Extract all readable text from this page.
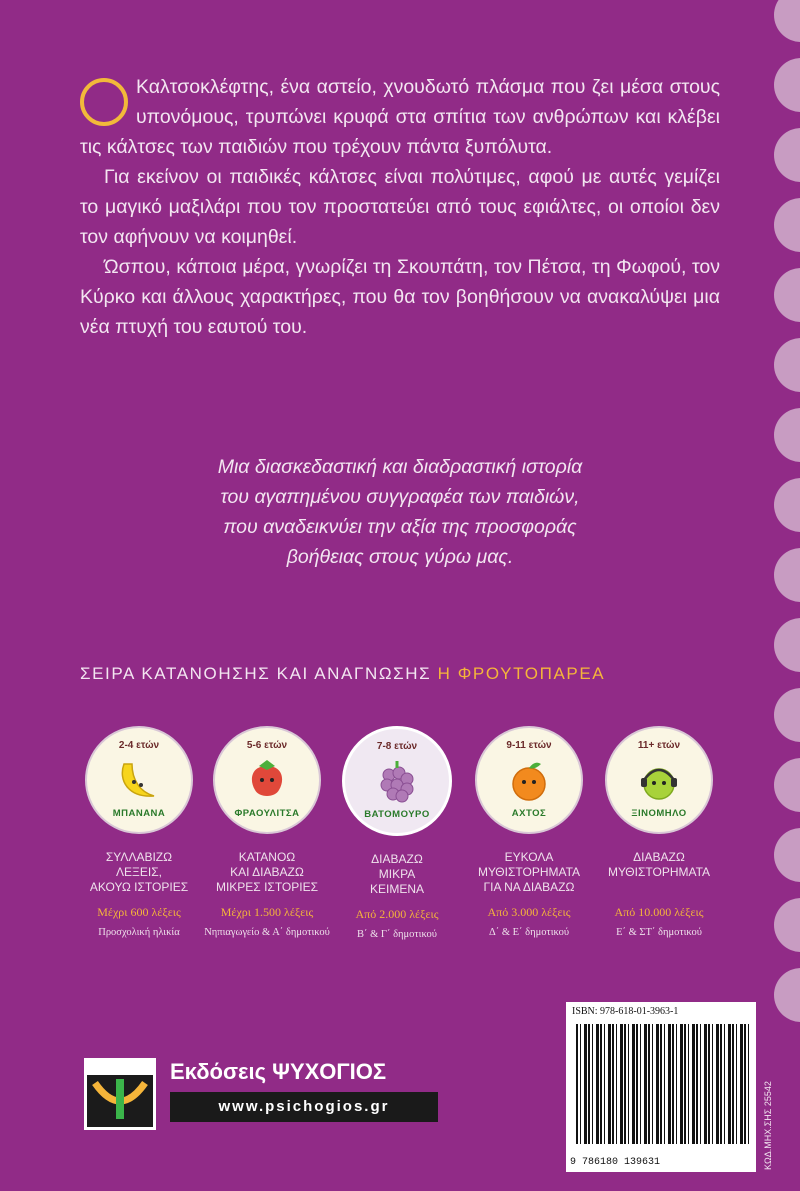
Καλτσοκλέφτης, ένα αστείο, χνουδωτό πλάσμα που ζει μέσα στους υπονόμους, τρυπώνει κρυφά στα σπίτια των ανθρώπων και κλέβει τις κάλτσες των παιδιών που τρέχουν πάντα ξυπόλυτα.

Για εκείνον οι παιδικές κάλτσες είναι πολύτιμες, αφού με αυτές γεμίζει το μαγικό μαξιλάρι που τον προστατεύει από τους εφιάλτες, οι οποίοι δεν τον αφήνουν να κοιμηθεί.

Ώσπου, κάποια μέρα, γνωρίζει τη Σκουπάτη, τον Πέτσα, τη Φωφού, τον Κύρκο και άλλους χαρακτήρες, που θα τον βοηθήσουν να ανακαλύψει μια νέα πτυχή του εαυτού του.

Μια διασκεδαστική και διαδραστική ιστορία
του αγαπημένου συγγραφέα των παιδιών,
που αναδεικνύει την αξία της προσφοράς
βοήθειας στους γύρω μας.
ΣΕΙΡΑ ΚΑΤΑΝΟΗΣΗΣ ΚΑΙ ΑΝΑΓΝΩΣΗΣ Η ΦΡΟΥΤΟΠΑΡΕΑ
2-4 ετών
ΜΠΑΝΑΝΑ
ΣΥΛΛΑΒΙΖΩ
ΛΕΞΕΙΣ,
ΑΚΟΥΩ ΙΣΤΟΡΙΕΣ
Μέχρι 600 λέξεις
Προσχολική ηλικία
5-6 ετών
ΦΡΑΟΥΛΙΤΣΑ
ΚΑΤΑΝΟΩ
ΚΑΙ ΔΙΑΒΑΖΩ
ΜΙΚΡΕΣ ΙΣΤΟΡΙΕΣ
Μέχρι 1.500 λέξεις
Νηπιαγωγείο & Α΄ δημοτικού
7-8 ετών
ΒΑΤΟΜΟΥΡΟ
ΔΙΑΒΑΖΩ
ΜΙΚΡΑ
ΚΕΙΜΕΝΑ
Από 2.000 λέξεις
Β΄ & Γ΄ δημοτικού
9-11 ετών
ΑΧΤΟΣ
ΕΥΚΟΛΑ
ΜΥΘΙΣΤΟΡΗΜΑΤΑ
ΓΙΑ ΝΑ ΔΙΑΒΑΖΩ
Από 3.000 λέξεις
Δ΄ & Ε΄ δημοτικού
11+ ετών
ΞΙΝΟΜΗΛΟ
ΔΙΑΒΑΖΩ
ΜΥΘΙΣΤΟΡΗΜΑΤΑ
Από 10.000 λέξεις
Ε΄ & ΣΤ΄ δημοτικού
Εκδόσεις ΨΥΧΟΓΙΟΣ
www.psichogios.gr
ISBN: 978-618-01-3963-1
9 786180 139631	ΚΩΔ.ΜΗΧ.ΣΗΣ 25542
